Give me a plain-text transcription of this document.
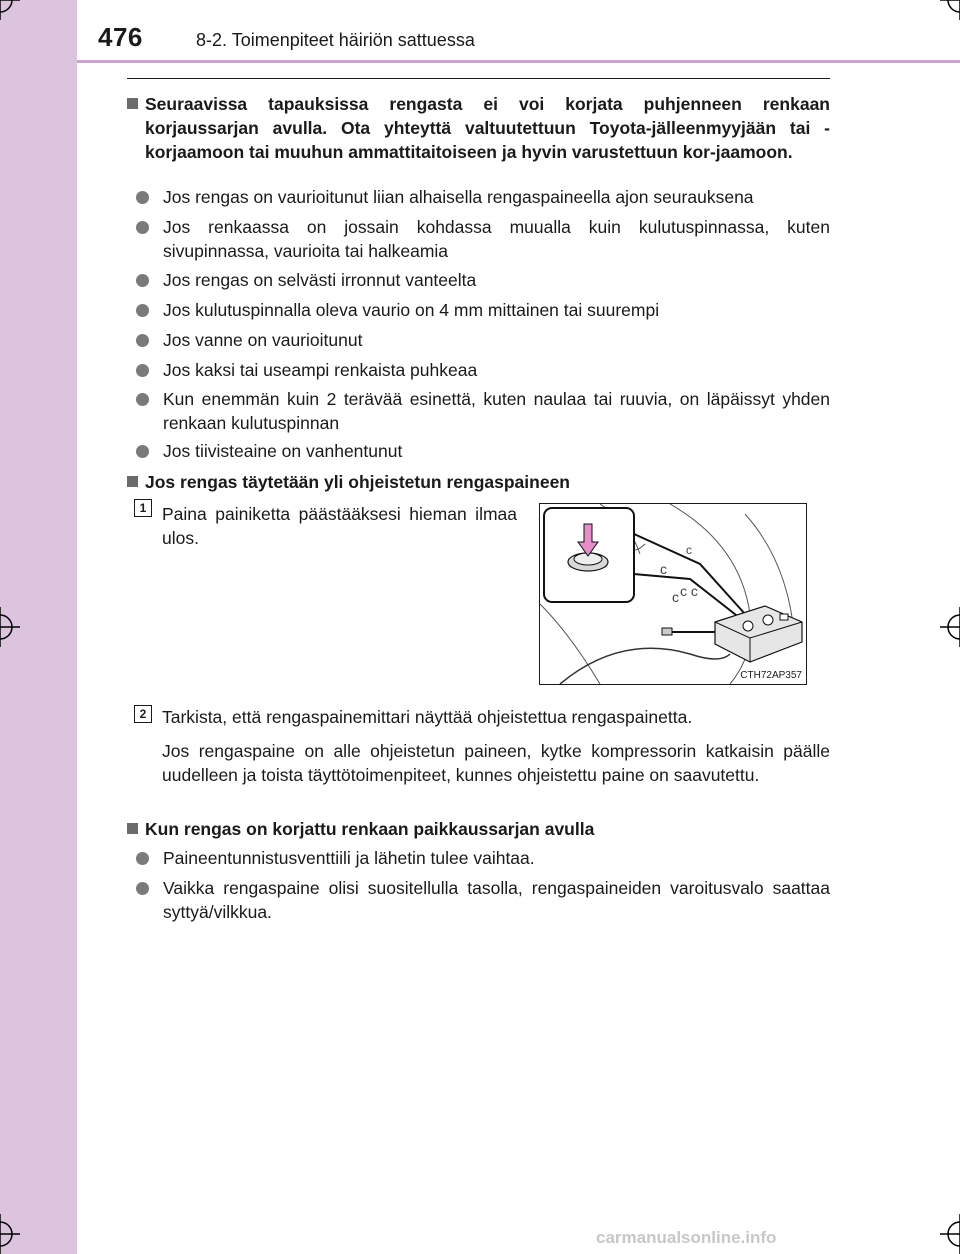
476	8-2. Toimenpiteet häiriön sattuessa
Seuraavissa tapauksissa rengasta ei voi korjata puhjenneen renkaan korjaussarjan avulla. Ota yhteyttä valtuutettuun Toyota-jälleenmyyjään tai -korjaamoon tai muuhun ammattitaitoiseen ja hyvin varustettuun kor-jaamoon.
Jos rengas on vaurioitunut liian alhaisella rengaspaineella ajon seurauksena
Jos renkaassa on jossain kohdassa muualla kuin kulutuspinnassa, kuten sivupinnassa, vaurioita tai halkeamia
Jos rengas on selvästi irronnut vanteelta
Jos kulutuspinnalla oleva vaurio on 4 mm mittainen tai suurempi
Jos vanne on vaurioitunut
Jos kaksi tai useampi renkaista puhkeaa
Kun enemmän kuin 2 terävää esinettä, kuten naulaa tai ruuvia, on läpäissyt yhden renkaan kulutuspinnan
Jos tiivisteaine on vanhentunut
Jos rengas täytetään yli ohjeistetun rengaspaineen
1 Paina painiketta päästääksesi hieman ilmaa ulos.
c
c c
c
c
CTH72AP357
2 Tarkista, että rengaspainemittari näyttää ohjeistettua rengaspainetta.
Jos rengaspaine on alle ohjeistetun paineen, kytke kompressorin katkaisin päälle uudelleen ja toista täyttötoimenpiteet, kunnes ohjeistettu paine on saavutettu.
Kun rengas on korjattu renkaan paikkaussarjan avulla
Paineentunnistusventtiili ja lähetin tulee vaihtaa.
Vaikka rengaspaine olisi suositellulla tasolla, rengaspaineiden varoitusvalo saattaa syttyä/vilkkua.
carmanualsonline.info
